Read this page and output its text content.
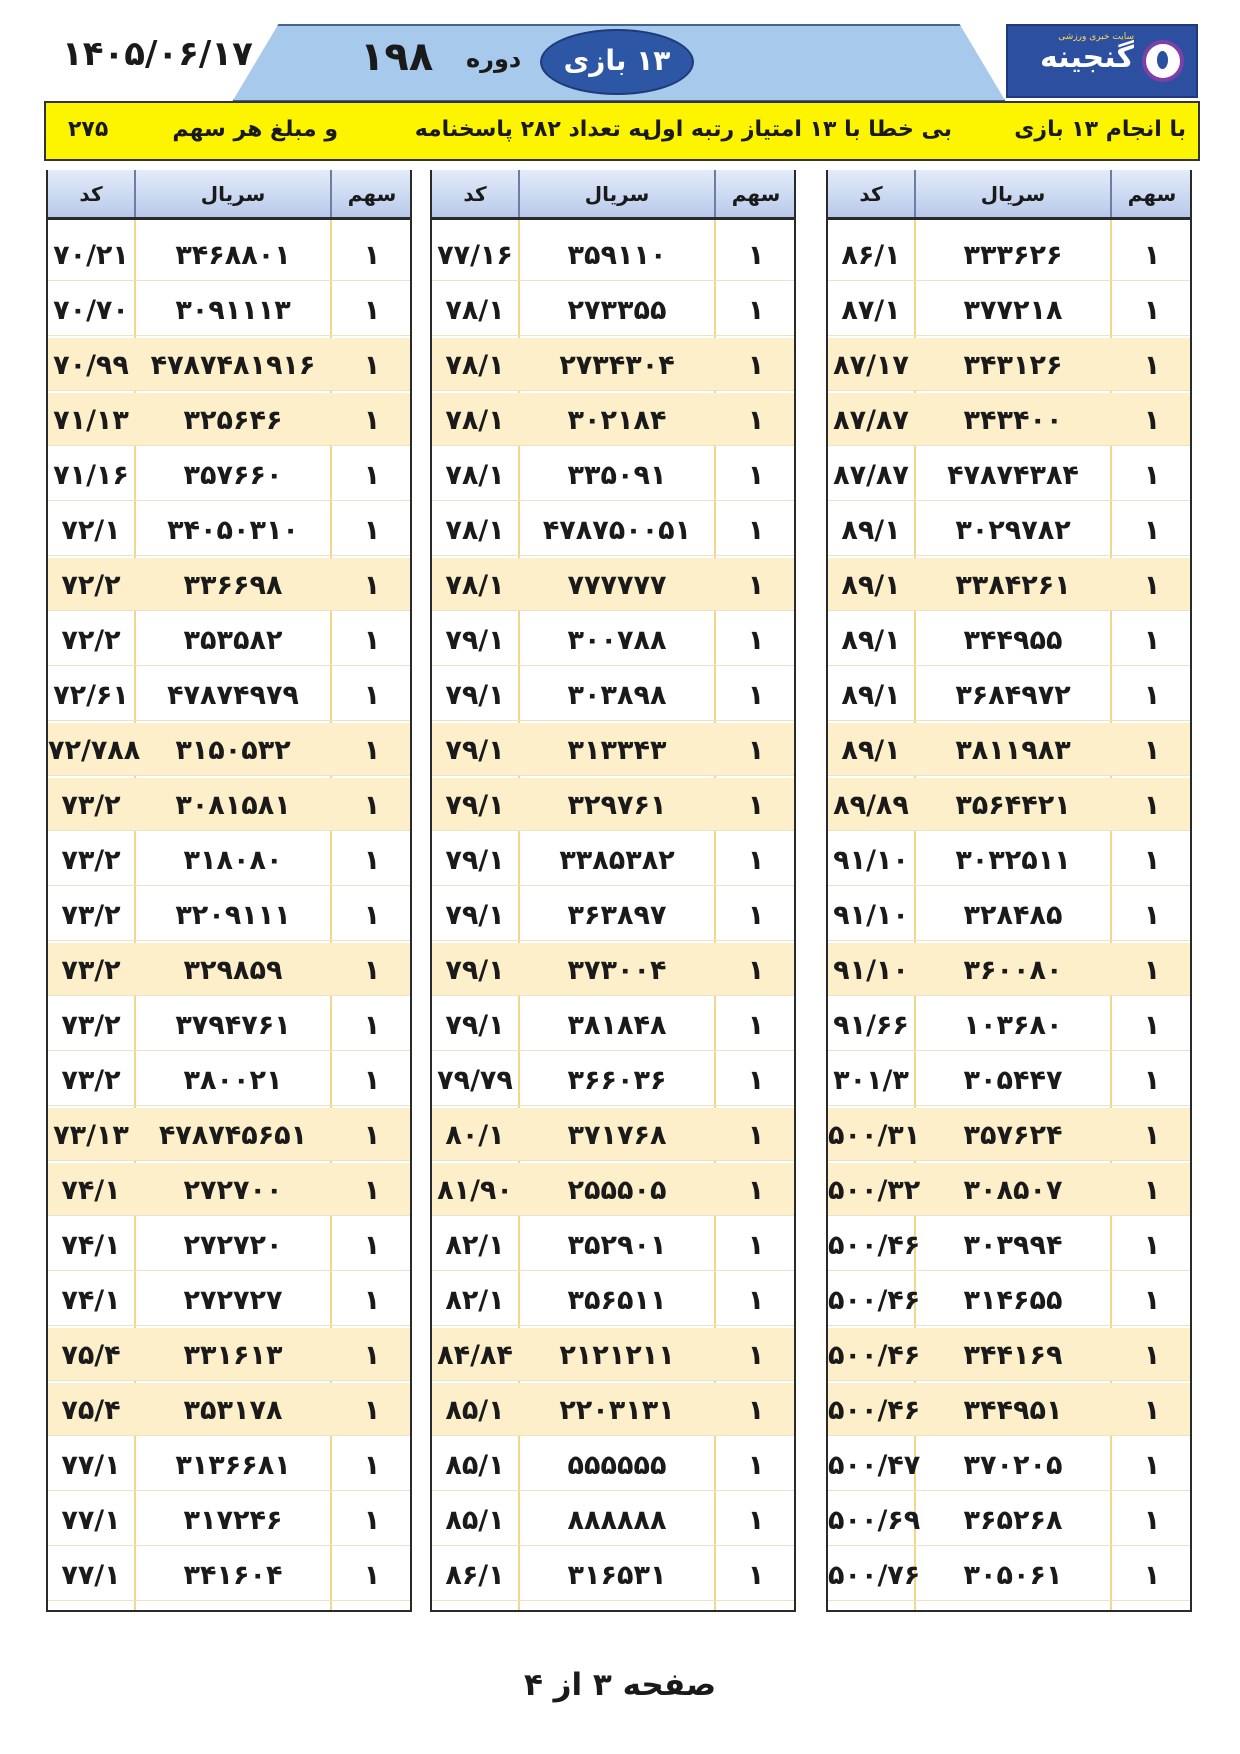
۱۴۰۵/۰۶/۱۷	۱۹۸ دوره	۱۳ بازی
سایت خبری ورزشی
گنجینه
با انجام ۱۳ بازی
بی خطا با ۱۳ امتیاز رتبه اول
به تعداد ۲۸۲ پاسخنامه
و مبلغ هر سهم
۲۷۵
کد	سریال	سهم
۸۶/۱	۳۳۳۶۲۶	۱
۸۷/۱	۳۷۷۲۱۸	۱
۸۷/۱۷	۳۴۳۱۲۶	۱
۸۷/۸۷	۳۴۳۴۰۰	۱
۸۷/۸۷	۴۷۸۷۴۳۸۴	۱
۸۹/۱	۳۰۲۹۷۸۲	۱
۸۹/۱	۳۳۸۴۲۶۱	۱
۸۹/۱	۳۴۴۹۵۵	۱
۸۹/۱	۳۶۸۴۹۷۲	۱
۸۹/۱	۳۸۱۱۹۸۳	۱
۸۹/۸۹	۳۵۶۴۴۲۱	۱
۹۱/۱۰	۳۰۳۲۵۱۱	۱
۹۱/۱۰	۳۲۸۴۸۵	۱
۹۱/۱۰	۳۶۰۰۸۰	۱
۹۱/۶۶	۱۰۳۶۸۰	۱
۳۰۱/۳	۳۰۵۴۴۷	۱
۵۰۰/۳۱	۳۵۷۶۲۴	۱
۵۰۰/۳۲	۳۰۸۵۰۷	۱
۵۰۰/۴۶	۳۰۳۹۹۴	۱
۵۰۰/۴۶	۳۱۴۶۵۵	۱
۵۰۰/۴۶	۳۴۴۱۶۹	۱
۵۰۰/۴۶	۳۴۴۹۵۱	۱
۵۰۰/۴۷	۳۷۰۲۰۵	۱
۵۰۰/۶۹	۳۶۵۲۶۸	۱
۵۰۰/۷۶	۳۰۵۰۶۱	۱
کد	سریال	سهم
۷۷/۱۶	۳۵۹۱۱۰	۱
۷۸/۱	۲۷۳۳۵۵	۱
۷۸/۱	۲۷۳۴۳۰۴	۱
۷۸/۱	۳۰۲۱۸۴	۱
۷۸/۱	۳۳۵۰۹۱	۱
۷۸/۱	۴۷۸۷۵۰۰۵۱	۱
۷۸/۱	۷۷۷۷۷۷	۱
۷۹/۱	۳۰۰۷۸۸	۱
۷۹/۱	۳۰۳۸۹۸	۱
۷۹/۱	۳۱۳۳۴۳	۱
۷۹/۱	۳۲۹۷۶۱	۱
۷۹/۱	۳۳۸۵۳۸۲	۱
۷۹/۱	۳۶۳۸۹۷	۱
۷۹/۱	۳۷۳۰۰۴	۱
۷۹/۱	۳۸۱۸۴۸	۱
۷۹/۷۹	۳۶۶۰۳۶	۱
۸۰/۱	۳۷۱۷۶۸	۱
۸۱/۹۰	۲۵۵۵۰۵	۱
۸۲/۱	۳۵۲۹۰۱	۱
۸۲/۱	۳۵۶۵۱۱	۱
۸۴/۸۴	۲۱۲۱۲۱۱	۱
۸۵/۱	۲۲۰۳۱۳۱	۱
۸۵/۱	۵۵۵۵۵۵	۱
۸۵/۱	۸۸۸۸۸۸	۱
۸۶/۱	۳۱۶۵۳۱	۱
کد	سریال	سهم
۷۰/۲۱	۳۴۶۸۸۰۱	۱
۷۰/۷۰	۳۰۹۱۱۱۳	۱
۷۰/۹۹ ۴۷۸۷۴۸۱۹۱۶	۱
۷۱/۱۳	۳۲۵۶۴۶	۱
۷۱/۱۶	۳۵۷۶۶۰	۱
۷۲/۱	۳۴۰۵۰۳۱۰	۱
۷۲/۲	۳۳۶۶۹۸	۱
۷۲/۲	۳۵۳۵۸۲	۱
۷۲/۶۱	۴۷۸۷۴۹۷۹	۱
۷۲/۷۸۸	۳۱۵۰۵۳۲	۱
۷۳/۲	۳۰۸۱۵۸۱	۱
۷۳/۲	۳۱۸۰۸۰	۱
۷۳/۲	۳۲۰۹۱۱۱	۱
۷۳/۲	۳۲۹۸۵۹	۱
۷۳/۲	۳۷۹۴۷۶۱	۱
۷۳/۲	۳۸۰۰۲۱	۱
۷۳/۱۳	۴۷۸۷۴۵۶۵۱	۱
۷۴/۱	۲۷۲۷۰۰	۱
۷۴/۱	۲۷۲۷۲۰	۱
۷۴/۱	۲۷۲۷۲۷	۱
۷۵/۴	۳۳۱۶۱۳	۱
۷۵/۴	۳۵۳۱۷۸	۱
۷۷/۱	۳۱۳۶۶۸۱	۱
۷۷/۱	۳۱۷۲۴۶	۱
۷۷/۱	۳۴۱۶۰۴	۱
صفحه ۳ از ۴
